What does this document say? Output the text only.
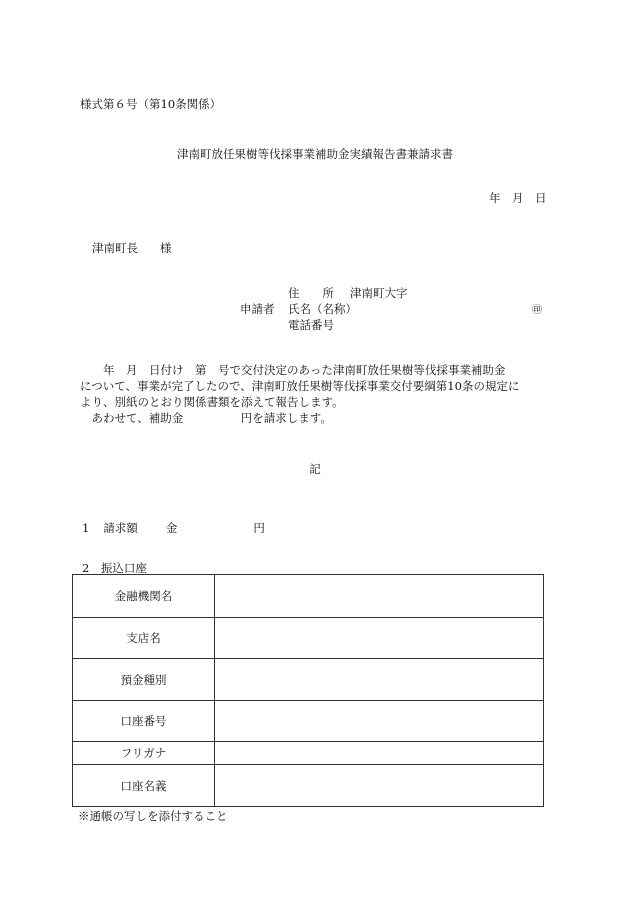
様式第６号（第10条関係）
津南町放任果樹等伐採事業補助金実績報告書兼請求書
年　月　日
津南町長 様
住　　所 津南町大字
申請者 氏名（名称）	㊞
電話番号

　　年　月　日付け　第　号で交付決定のあった津南町放任果樹等伐採事業補助金

について、事業が完了したので、津南町放任果樹等伐採事業交付要綱第10条の規定に

より、別紙のとおり関係書類を添えて報告します。

　あわせて、補助金　　　　　円を請求します。

記
1 請求額 金	円
2　振込口座
金融機関名	
支店名	
預金種別	
口座番号	
フリガナ	
口座名義	
※通帳の写しを添付すること
